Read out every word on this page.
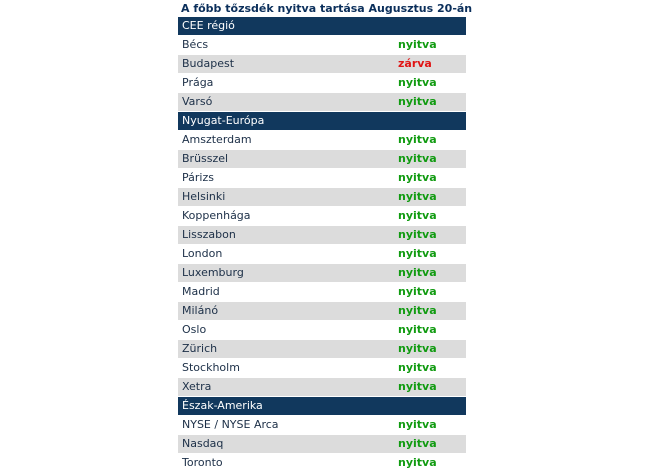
A főbb tőzsdék nyitva tartása Augusztus 20-án
CEE régió	
Bécs	nyitva
Budapest	zárva
Prága	nyitva
Varsó	nyitva
Nyugat-Európa	
Amszterdam	nyitva
Brüsszel	nyitva
Párizs	nyitva
Helsinki	nyitva
Koppenhága	nyitva
Lisszabon	nyitva
London	nyitva
Luxemburg	nyitva
Madrid	nyitva
Milánó	nyitva
Oslo	nyitva
Zürich	nyitva
Stockholm	nyitva
Xetra	nyitva
Észak-Amerika	
NYSE / NYSE Arca	nyitva
Nasdaq	nyitva
Toronto	nyitva
